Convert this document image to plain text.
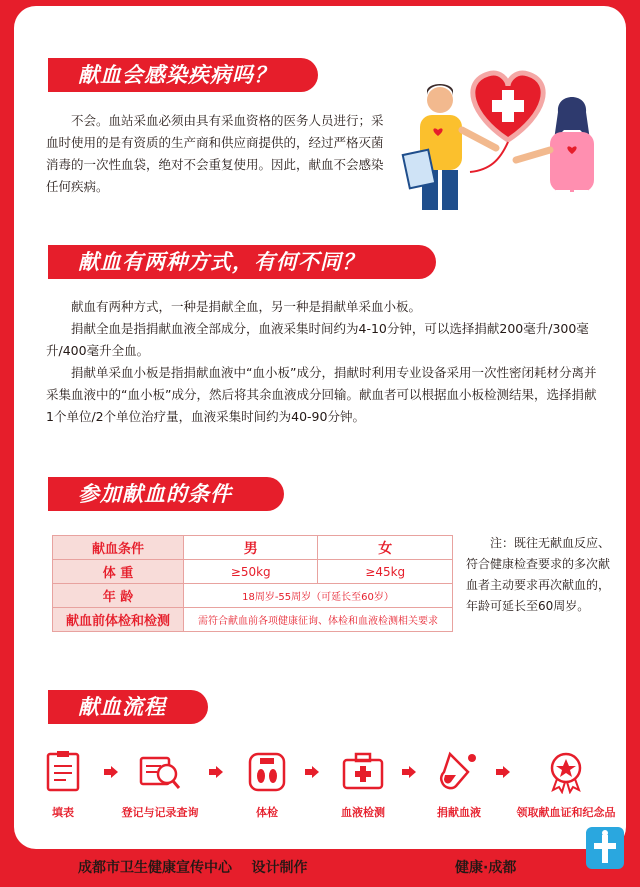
献血会感染疾病吗？

不会。血站采血必须由具有采血资格的医务人员进行；采血时使用的是有资质的生产商和供应商提供的，经过严格灭菌消毒的一次性血袋，绝对不会重复使用。因此，献血不会感染任何疾病。

献血有两种方式，有何不同？

献血有两种方式，一种是捐献全血，另一种是捐献单采血小板。

捐献全血是指捐献血液全部成分，血液采集时间约为4-10分钟，可以选择捐献200毫升/300毫升/400毫升全血。

捐献单采血小板是指捐献血液中“血小板”成分，捐献时利用专业设备采用一次性密闭耗材分离并采集血液中的“血小板”成分，然后将其余血液成分回输。献血者可以根据血小板检测结果，选择捐献1个单位/2个单位治疗量，血液采集时间约为40-90分钟。

参加献血的条件
献血条件	男	女
体 重	≥50kg	≥45kg
年 龄	18周岁-55周岁（可延长至60岁）	
献血前体检和检测	需符合献血前各项健康征询、体检和血液检测相关要求	
注：既往无献血反应、符合健康检查要求的多次献血者主动要求再次献血的，年龄可延长至60周岁。
献血流程
填表	登记与记录查询	体检	血液检测	捐献血液	领取献血证和纪念品
成都市卫生健康宣传中心    设计制作	健康·成都
